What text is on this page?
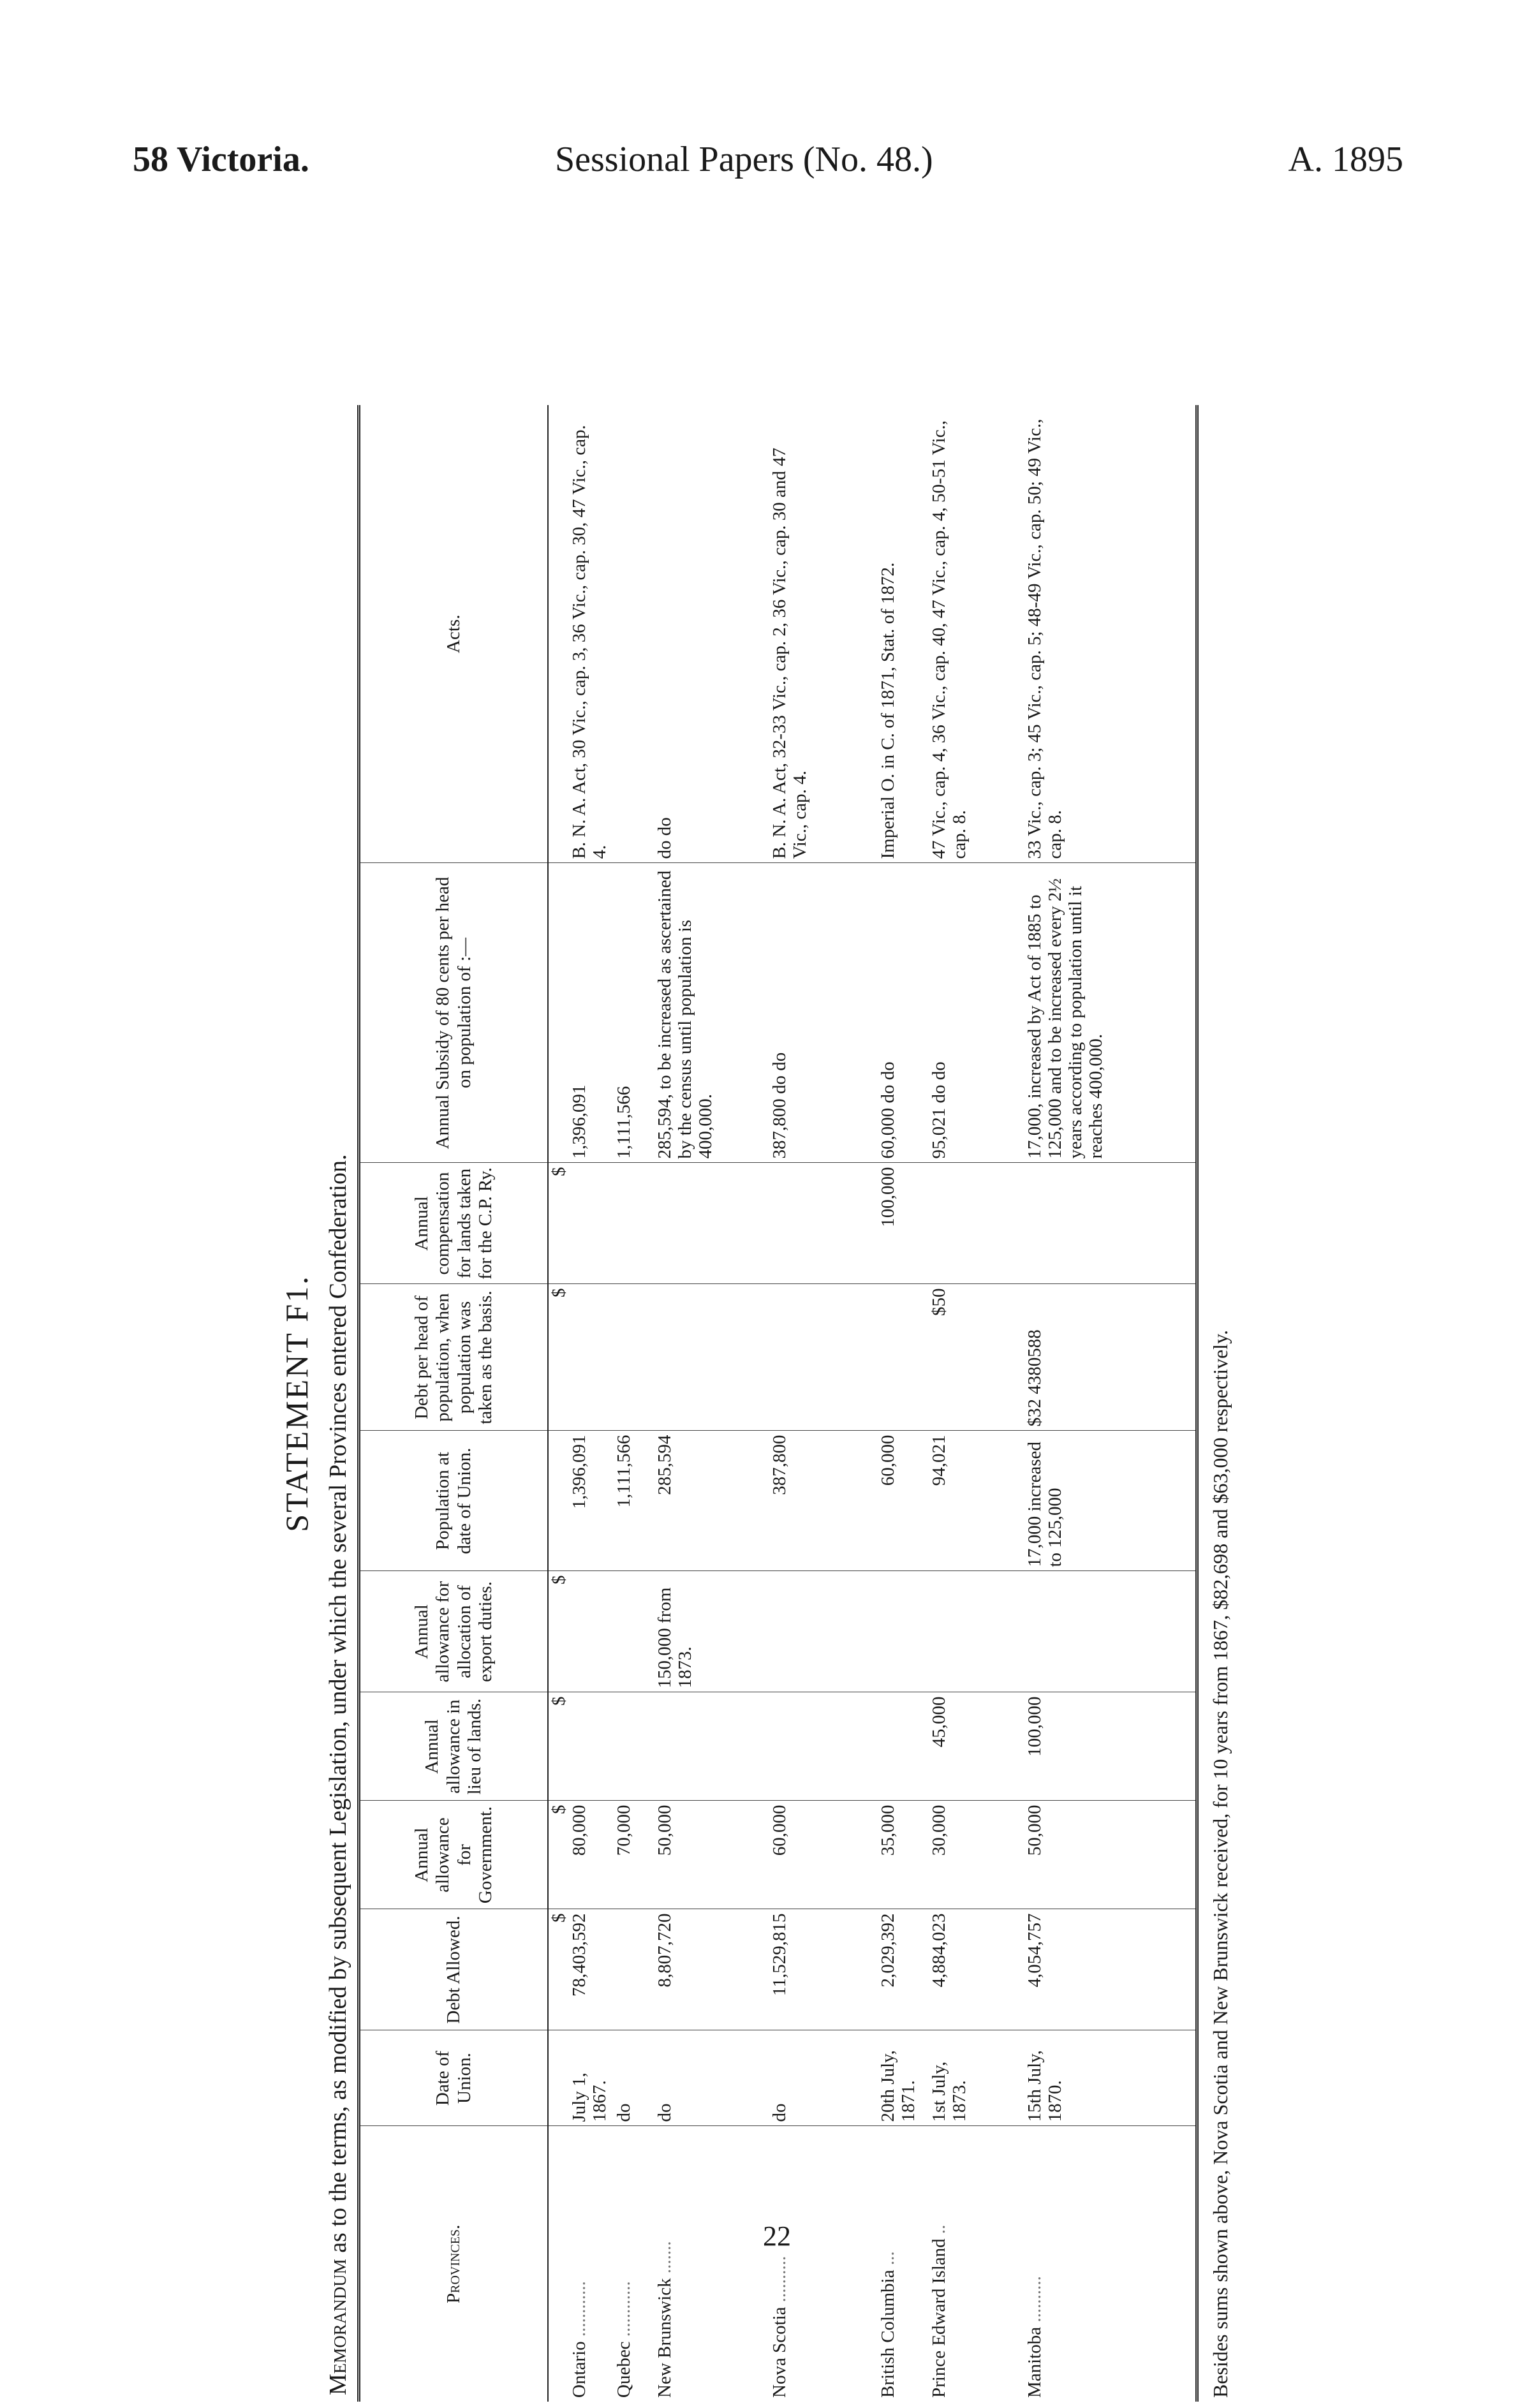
58 Victoria.	Sessional Papers (No. 48.)	A. 1895
STATEMENT F1.
Memorandum as to the terms, as modified by subsequent Legislation, under which the several Provinces entered Confederation.
Provinces.	Date of Union.	Debt Allowed.	Annual allowance for Government.	Annual allowance in lieu of lands.	Annual allowance for allocation of export duties.	Population at date of Union.	Debt per head of population, when population was taken as the basis.	Annual compensation for lands taken for the C.P. Ry.	Annual Subsidy of 80 cents per head on population of :—	Acts.
		$	$	$	$		$	$		
Ontario ............	July 1, 1867.	78,403,592	80,000			1,396,091			1,396,091	B. N. A. Act, 30 Vic., cap. 3, 36 Vic., cap. 30, 47 Vic., cap. 4.
Quebec ............	do		70,000			1,111,566			1,111,566	
New Brunswick .......	do	8,807,720	50,000		150,000 from 1873.	285,594			285,594, to be increased as ascertained by the census until population is 400,000.	do do
Nova Scotia ..........	do	11,529,815	60,000			387,800			387,800 do do	B. N. A. Act, 32-33 Vic., cap. 2, 36 Vic., cap. 30 and 47 Vic., cap. 4.
British Columbia ...	20th July, 1871.	2,029,392	35,000			60,000		100,000	60,000 do do	Imperial O. in C. of 1871, Stat. of 1872.
Prince Edward Island ..	1st July, 1873.	4,884,023	30,000	45,000		94,021	$50		95,021 do do	47 Vic., cap. 4, 36 Vic., cap. 40, 47 Vic., cap. 4, 50-51 Vic., cap. 8.
Manitoba ..........	15th July, 1870.	4,054,757	50,000	100,000		17,000 increased to 125,000	$32 4380588		17,000, increased by Act of 1885 to 125,000 and to be increased every 2½ years according to population until it reaches 400,000.	33 Vic., cap. 3; 45 Vic., cap. 5; 48-49 Vic., cap. 50; 49 Vic., cap. 8.
Besides sums shown above, Nova Scotia and New Brunswick received, for 10 years from 1867, $82,698 and $63,000 respectively.
22
